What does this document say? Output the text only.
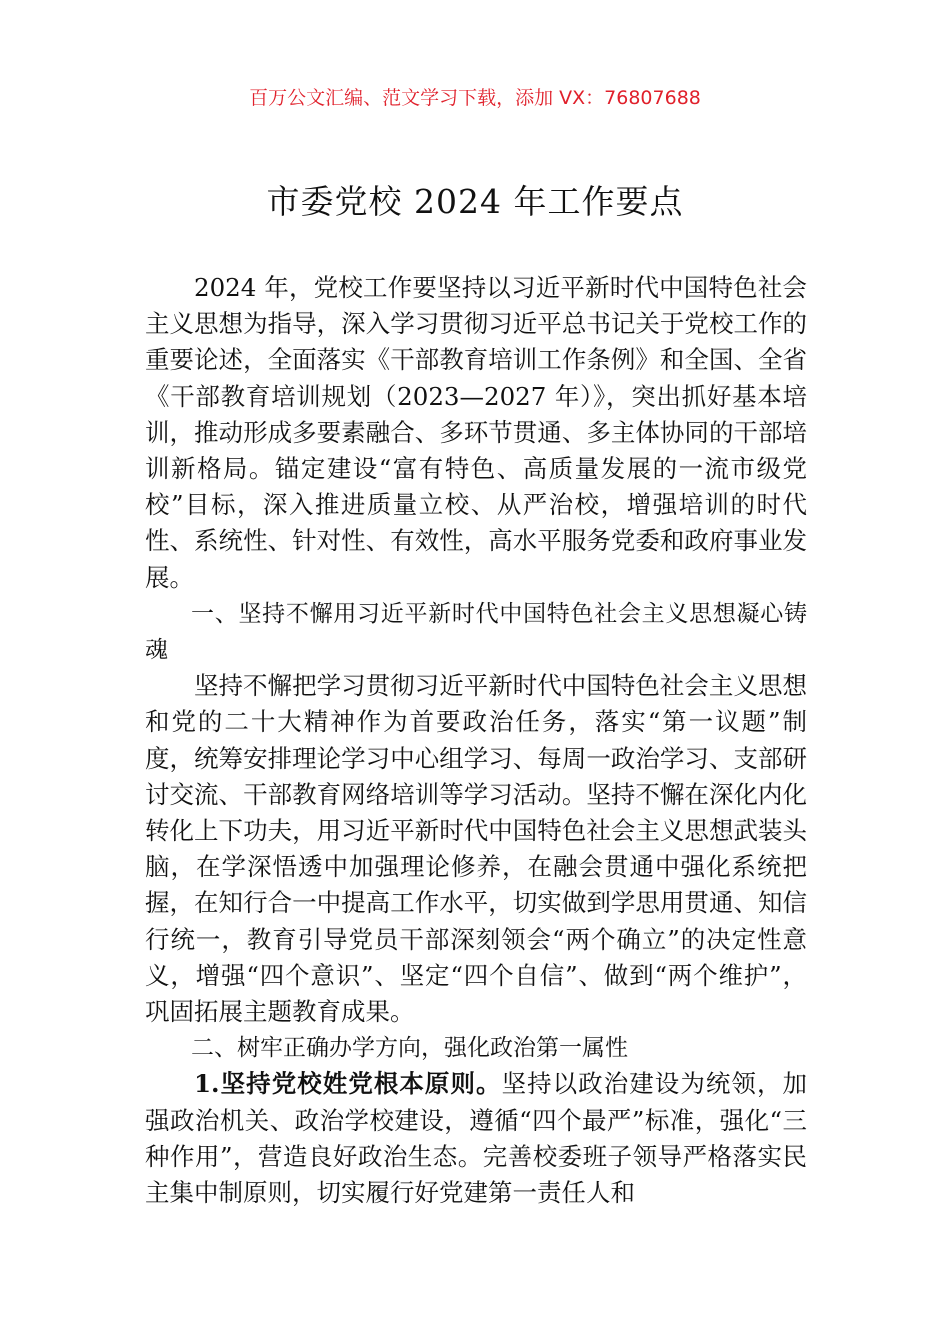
百万公文汇编、范文学习下载，添加 VX：76807688
市委党校 2024 年工作要点

2024 年，党校工作要坚持以习近平新时代中国特色社会主义思想为指导，深入学习贯彻习近平总书记关于党校工作的重要论述，全面落实《干部教育培训工作条例》和全国、全省《干部教育培训规划（2023—2027 年）》，突出抓好基本培训，推动形成多要素融合、多环节贯通、多主体协同的干部培训新格局。锚定建设“富有特色、高质量发展的一流市级党校”目标，深入推进质量立校、从严治校，增强培训的时代性、系统性、针对性、有效性，高水平服务党委和政府事业发展。

一、坚持不懈用习近平新时代中国特色社会主义思想凝心铸魂

坚持不懈把学习贯彻习近平新时代中国特色社会主义思想和党的二十大精神作为首要政治任务，落实“第一议题”制度，统筹安排理论学习中心组学习、每周一政治学习、支部研讨交流、干部教育网络培训等学习活动。坚持不懈在深化内化转化上下功夫，用习近平新时代中国特色社会主义思想武装头脑，在学深悟透中加强理论修养，在融会贯通中强化系统把握，在知行合一中提高工作水平，切实做到学思用贯通、知信行统一，教育引导党员干部深刻领会“两个确立”的决定性意义，增强“四个意识”、坚定“四个自信”、做到“两个维护”，巩固拓展主题教育成果。

二、树牢正确办学方向，强化政治第一属性

1.坚持党校姓党根本原则。坚持以政治建设为统领，加强政治机关、政治学校建设，遵循“四个最严”标准，强化“三种作用”，营造良好政治生态。完善校委班子领导严格落实民主集中制原则，切实履行好党建第一责任人和
